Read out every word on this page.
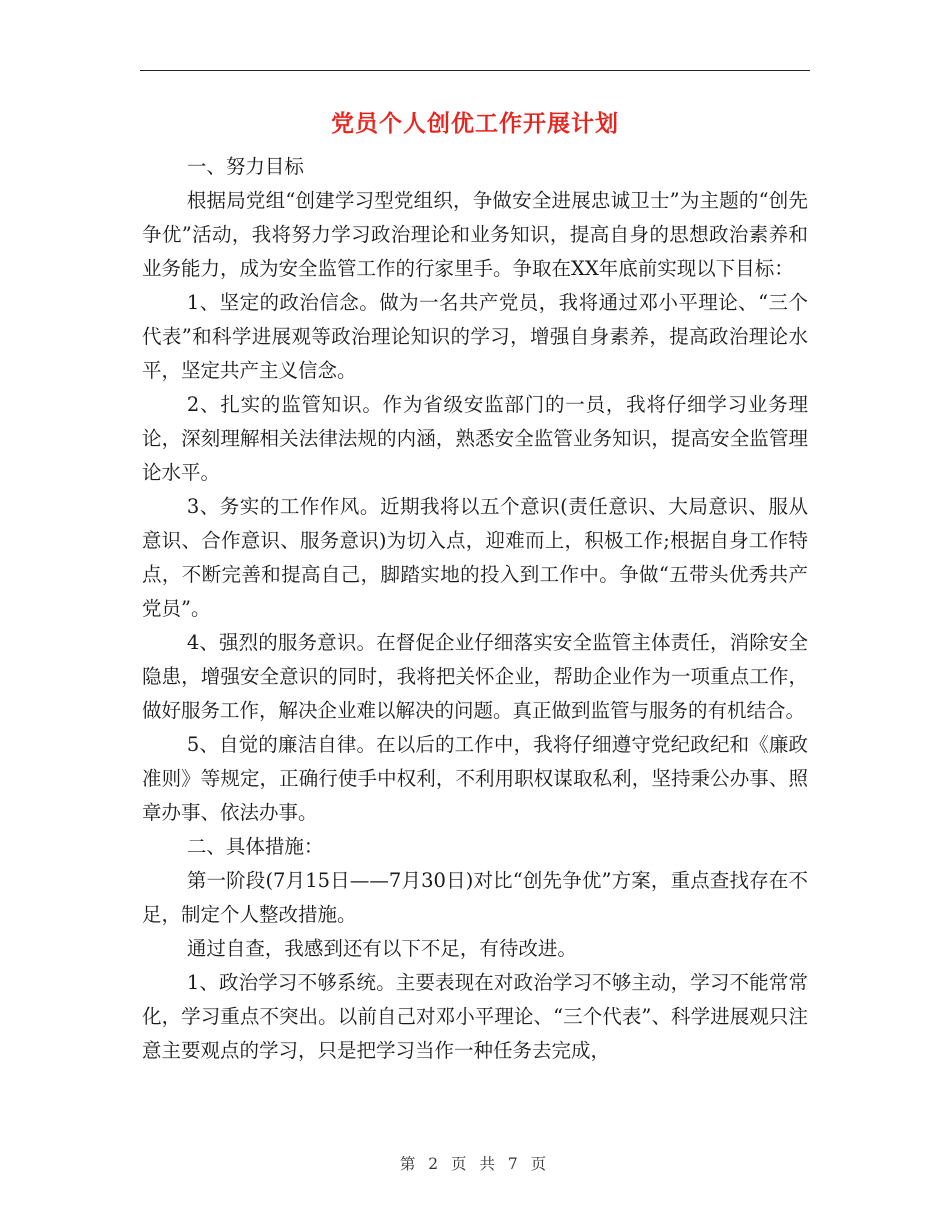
党员个人创优工作开展计划

一、努力目标

根据局党组“创建学习型党组织，争做安全进展忠诚卫士”为主题的“创先争优”活动，我将努力学习政治理论和业务知识，提高自身的思想政治素养和业务能力，成为安全监管工作的行家里手。争取在XX年底前实现以下目标：

1、坚定的政治信念。做为一名共产党员，我将通过邓小平理论、“三个代表”和科学进展观等政治理论知识的学习，增强自身素养，提高政治理论水平，坚定共产主义信念。

2、扎实的监管知识。作为省级安监部门的一员，我将仔细学习业务理论，深刻理解相关法律法规的内涵，熟悉安全监管业务知识，提高安全监管理论水平。

3、务实的工作作风。近期我将以五个意识(责任意识、大局意识、服从意识、合作意识、服务意识)为切入点，迎难而上，积极工作;根据自身工作特点，不断完善和提高自己，脚踏实地的投入到工作中。争做“五带头优秀共产党员”。

4、强烈的服务意识。在督促企业仔细落实安全监管主体责任，消除安全隐患，增强安全意识的同时，我将把关怀企业，帮助企业作为一项重点工作，做好服务工作，解决企业难以解决的问题。真正做到监管与服务的有机结合。

5、自觉的廉洁自律。在以后的工作中，我将仔细遵守党纪政纪和《廉政准则》等规定，正确行使手中权利，不利用职权谋取私利，坚持秉公办事、照章办事、依法办事。

二、具体措施：

第一阶段(7月15日——7月30日)对比“创先争优”方案，重点查找存在不足，制定个人整改措施。

通过自查，我感到还有以下不足，有待改进。

1、政治学习不够系统。主要表现在对政治学习不够主动，学习不能常常化，学习重点不突出。以前自己对邓小平理论、“三个代表”、科学进展观只注意主要观点的学习，只是把学习当作一种任务去完成，

第 2 页 共 7 页
